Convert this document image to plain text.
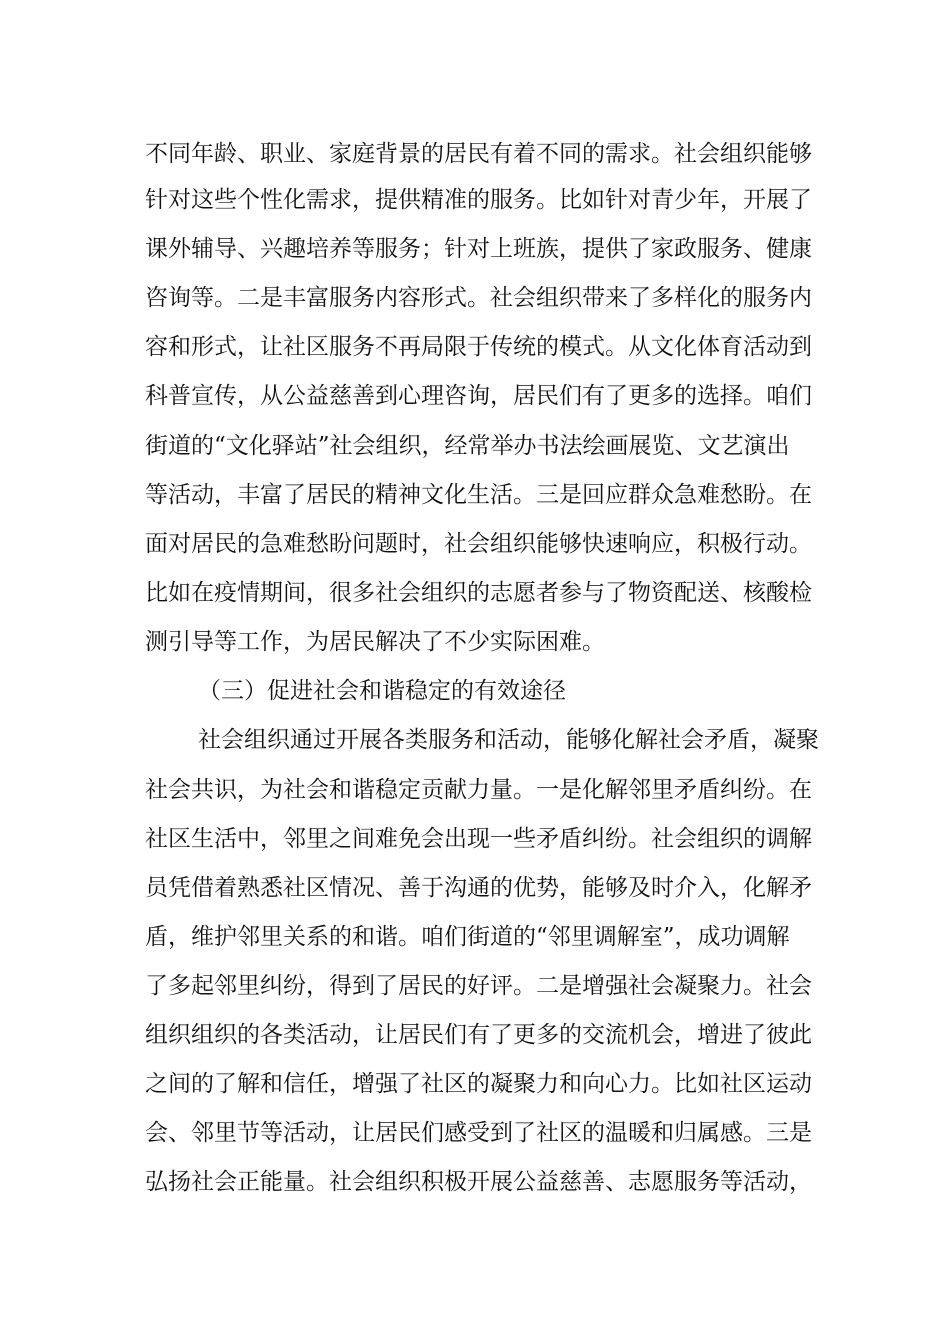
不同年龄、职业、家庭背景的居民有着不同的需求。社会组织能够
针对这些个性化需求，提供精准的服务。比如针对青少年，开展了
课外辅导、兴趣培养等服务；针对上班族，提供了家政服务、健康
咨询等。二是丰富服务内容形式。社会组织带来了多样化的服务内
容和形式，让社区服务不再局限于传统的模式。从文化体育活动到
科普宣传，从公益慈善到心理咨询，居民们有了更多的选择。咱们
街道的“文化驿站”社会组织，经常举办书法绘画展览、文艺演出
等活动，丰富了居民的精神文化生活。三是回应群众急难愁盼。在
面对居民的急难愁盼问题时，社会组织能够快速响应，积极行动。
比如在疫情期间，很多社会组织的志愿者参与了物资配送、核酸检
测引导等工作，为居民解决了不少实际困难。
（三）促进社会和谐稳定的有效途径
社会组织通过开展各类服务和活动，能够化解社会矛盾，凝聚
社会共识，为社会和谐稳定贡献力量。一是化解邻里矛盾纠纷。在
社区生活中，邻里之间难免会出现一些矛盾纠纷。社会组织的调解
员凭借着熟悉社区情况、善于沟通的优势，能够及时介入，化解矛
盾，维护邻里关系的和谐。咱们街道的“邻里调解室”，成功调解
了多起邻里纠纷，得到了居民的好评。二是增强社会凝聚力。社会
组织组织的各类活动，让居民们有了更多的交流机会，增进了彼此
之间的了解和信任，增强了社区的凝聚力和向心力。比如社区运动
会、邻里节等活动，让居民们感受到了社区的温暖和归属感。三是
弘扬社会正能量。社会组织积极开展公益慈善、志愿服务等活动，
